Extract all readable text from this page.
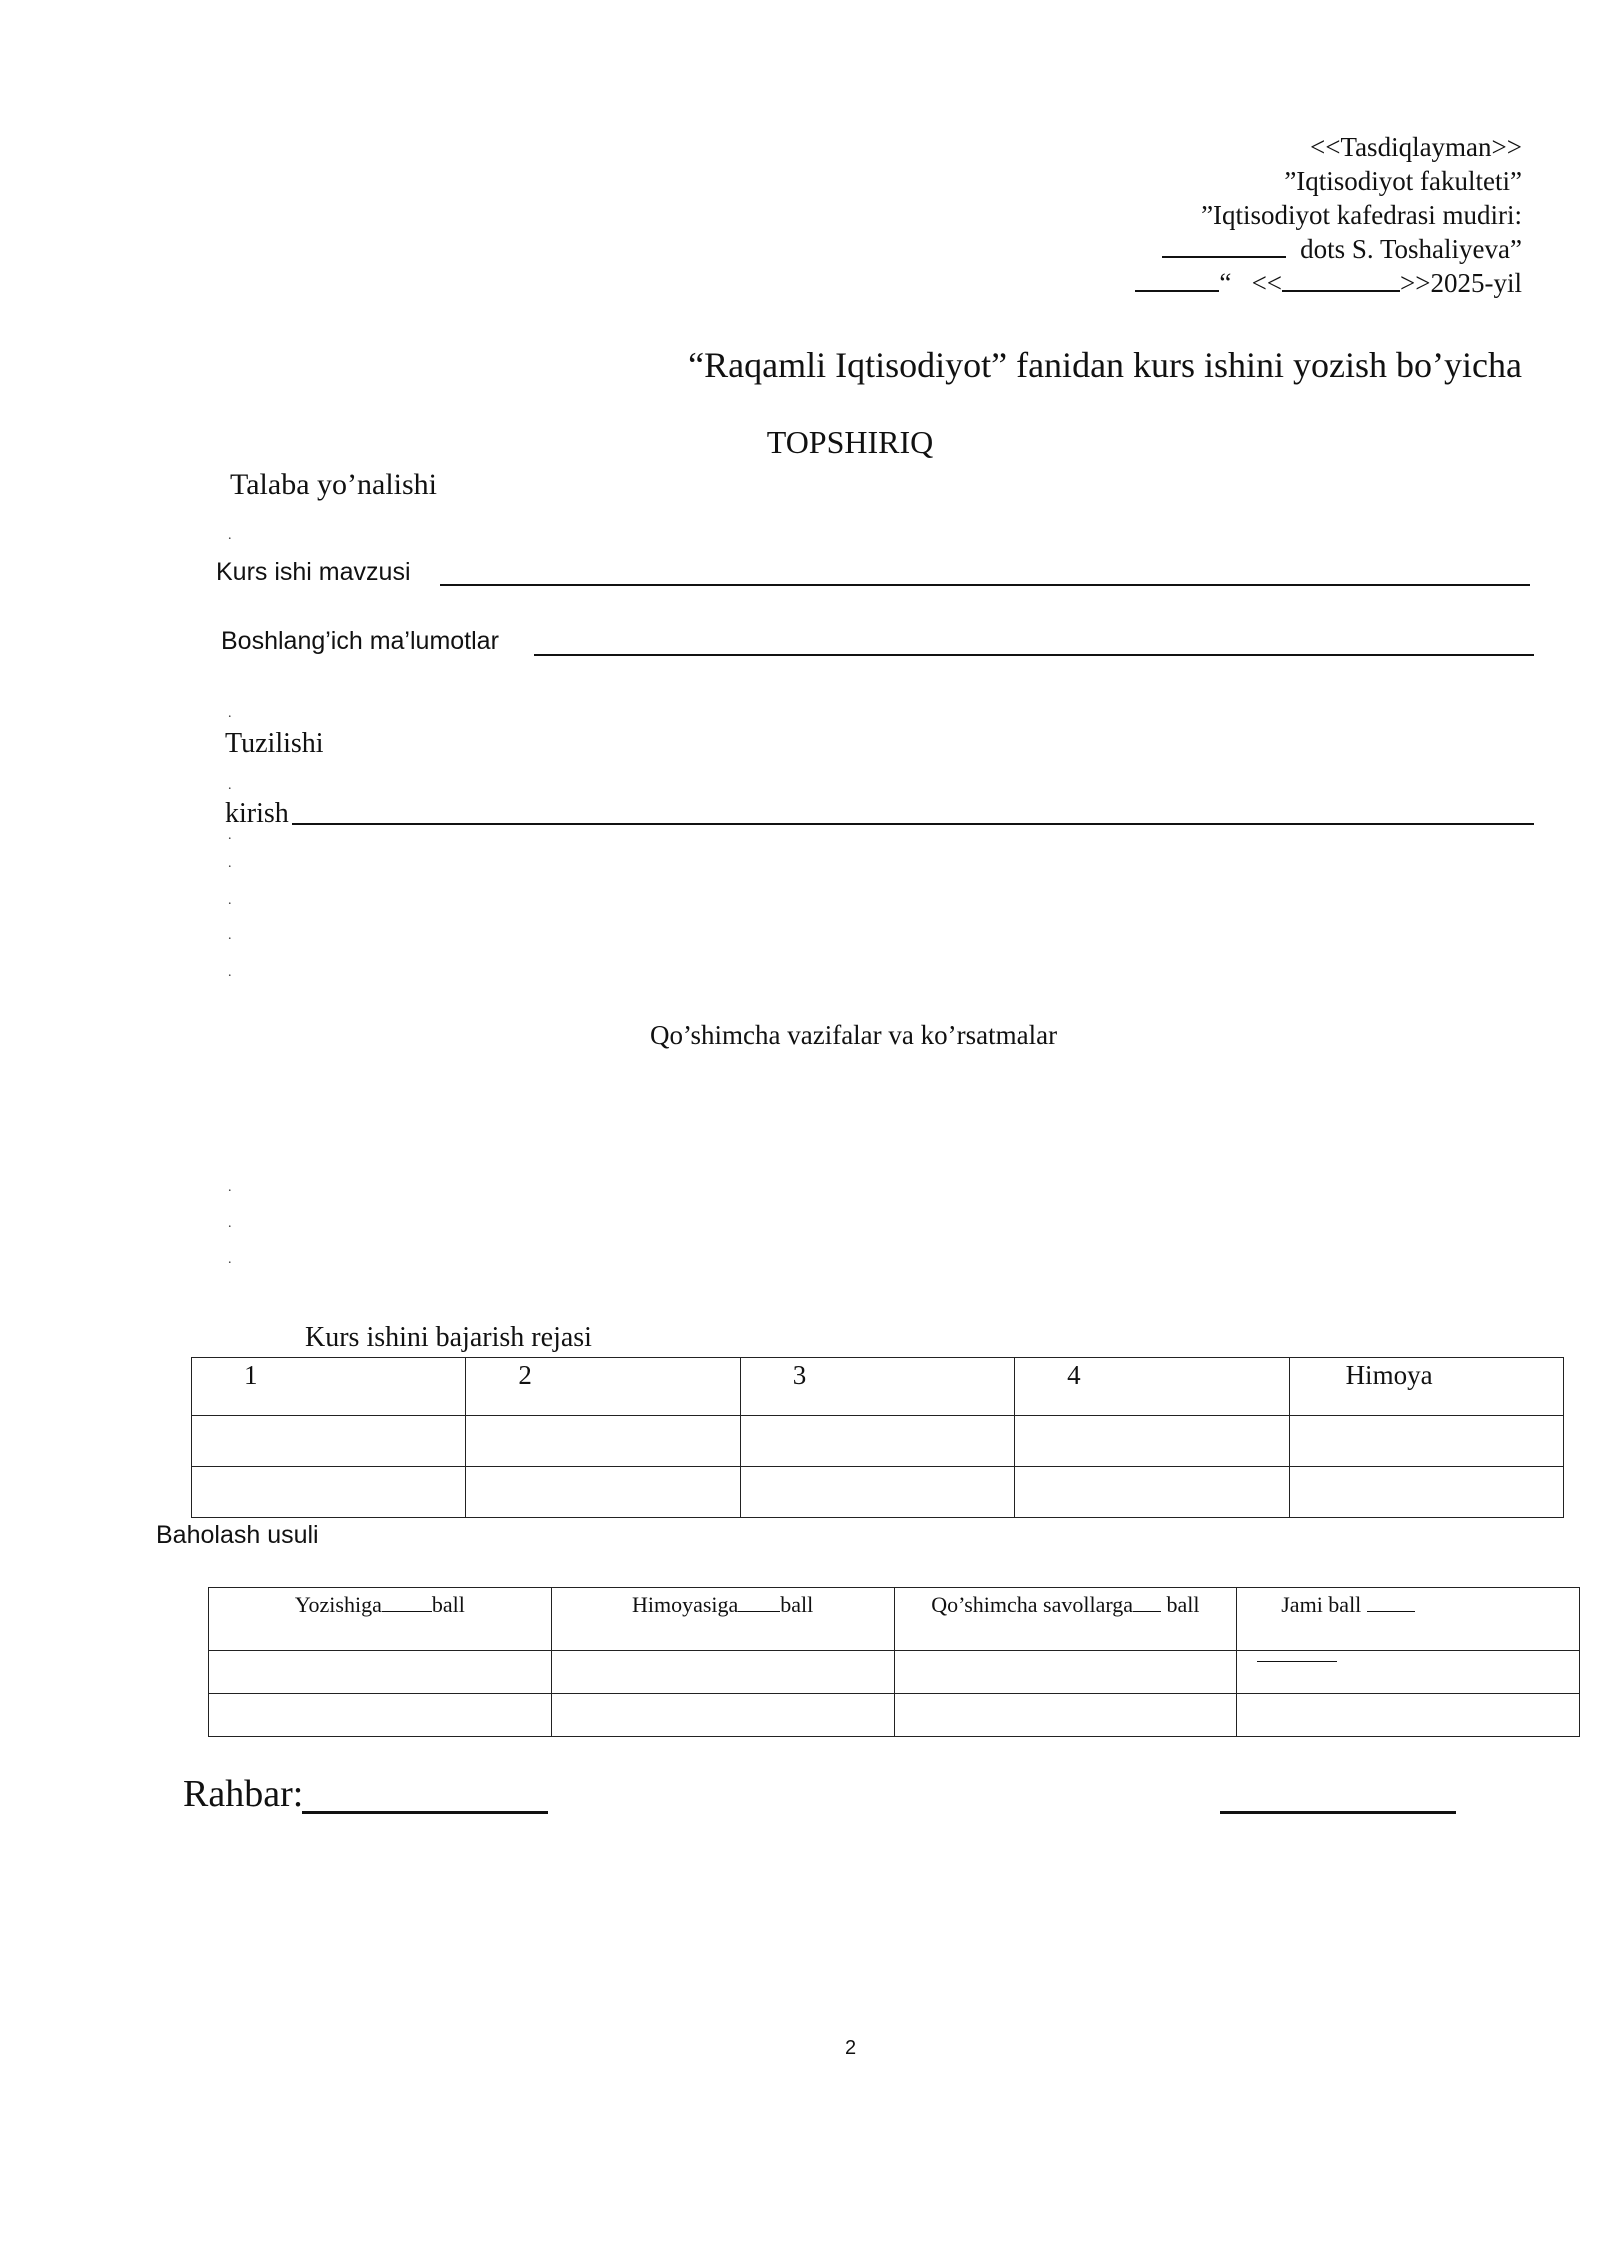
<<Tasdiqlayman>>
”Iqtisodiyot fakulteti”
”Iqtisodiyot kafedrasi mudiri:
dots S. Toshaliyeva”
“ <<	>>2025-yil
“Raqamli Iqtisodiyot” fanidan kurs ishini yozish bo’yicha
TOPSHIRIQ
Talaba yo’nalishi
.
Kurs ishi mavzusi
Boshlang’ich ma’lumotlar
.
Tuzilishi
.
kirish
.
.
.
.
.
Qo’shimcha vazifalar va ko’rsatmalar
.
.
.
Kurs ishini bajarish rejasi
1	2	3	4	Himoya

Baholash usuli
Yozishiga ball	Himoyasiga ball	Qo’shimcha savollarga ball	Jami ball

Rahbar:
2
